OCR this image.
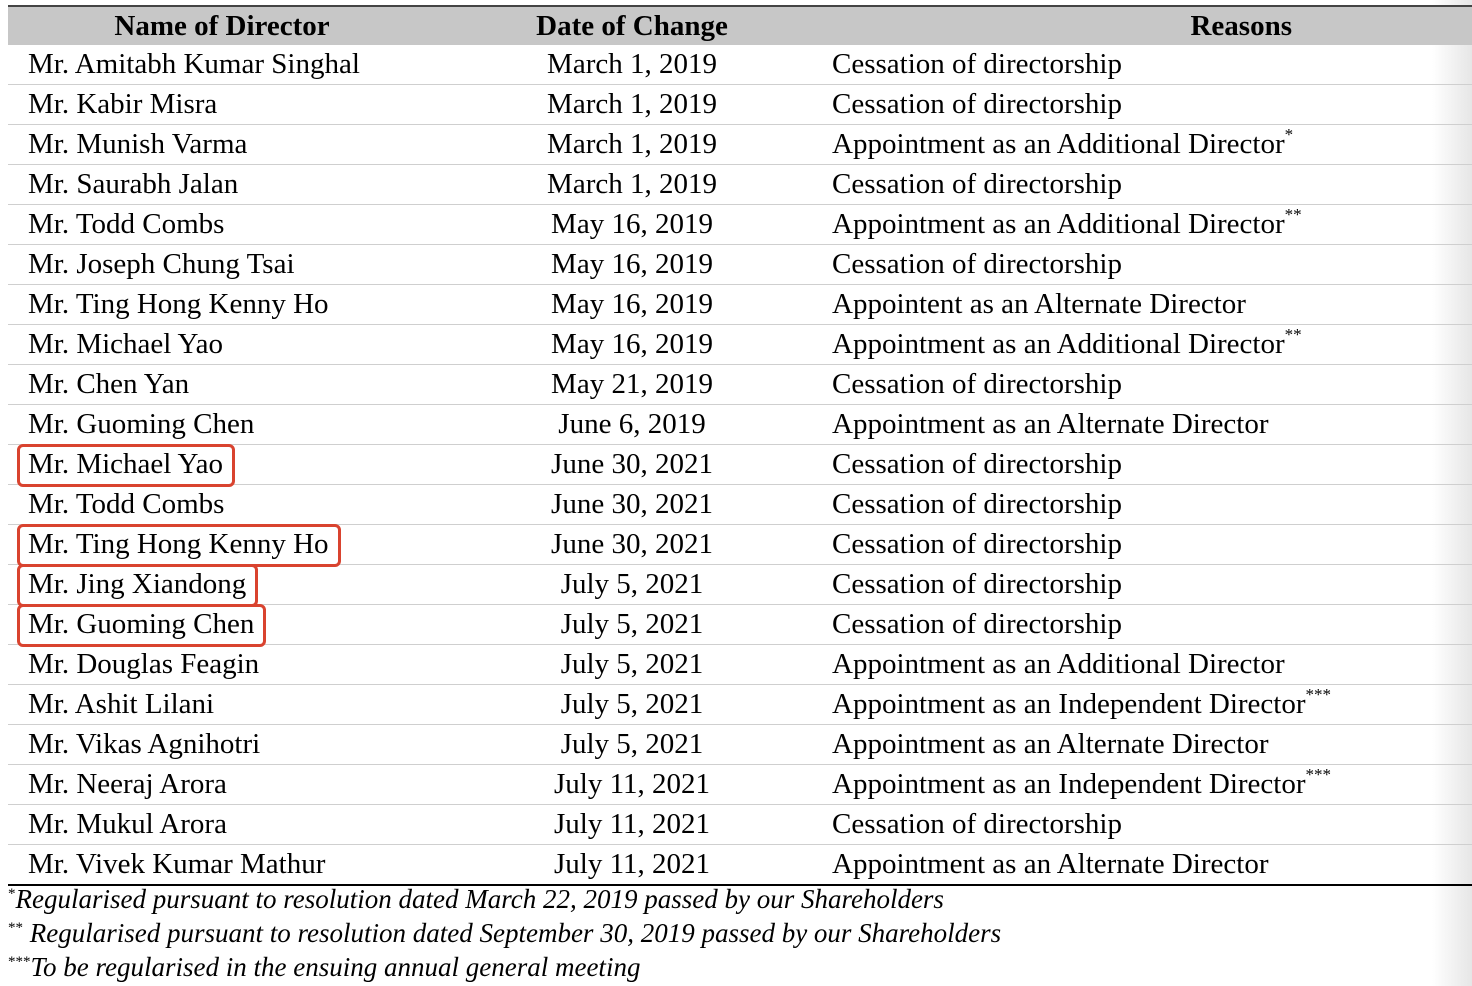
Name of Director	Date of Change	Reasons
Mr. Amitabh Kumar Singhal	March 1, 2019	Cessation of directorship
Mr. Kabir Misra	March 1, 2019	Cessation of directorship
Mr. Munish Varma	March 1, 2019	Appointment as an Additional Director*
Mr. Saurabh Jalan	March 1, 2019	Cessation of directorship
Mr. Todd Combs	May 16, 2019	Appointment as an Additional Director**
Mr. Joseph Chung Tsai	May 16, 2019	Cessation of directorship
Mr. Ting Hong Kenny Ho	May 16, 2019	Appointent as an Alternate Director
Mr. Michael Yao	May 16, 2019	Appointment as an Additional Director**
Mr. Chen Yan	May 21, 2019	Cessation of directorship
Mr. Guoming Chen	June 6, 2019	Appointment as an Alternate Director
Mr. Michael Yao	June 30, 2021	Cessation of directorship
Mr. Todd Combs	June 30, 2021	Cessation of directorship
Mr. Ting Hong Kenny Ho	June 30, 2021	Cessation of directorship
Mr. Jing Xiandong	July 5, 2021	Cessation of directorship
Mr. Guoming Chen	July 5, 2021	Cessation of directorship
Mr. Douglas Feagin	July 5, 2021	Appointment as an Additional Director
Mr. Ashit Lilani	July 5, 2021	Appointment as an Independent Director***
Mr. Vikas Agnihotri	July 5, 2021	Appointment as an Alternate Director
Mr. Neeraj Arora	July 11, 2021	Appointment as an Independent Director***
Mr. Mukul Arora	July 11, 2021	Cessation of directorship
Mr. Vivek Kumar Mathur	July 11, 2021	Appointment as an Alternate Director
*Regularised pursuant to resolution dated March 22, 2019 passed by our Shareholders
** Regularised pursuant to resolution dated September 30, 2019 passed by our Shareholders
***To be regularised in the ensuing annual general meeting
